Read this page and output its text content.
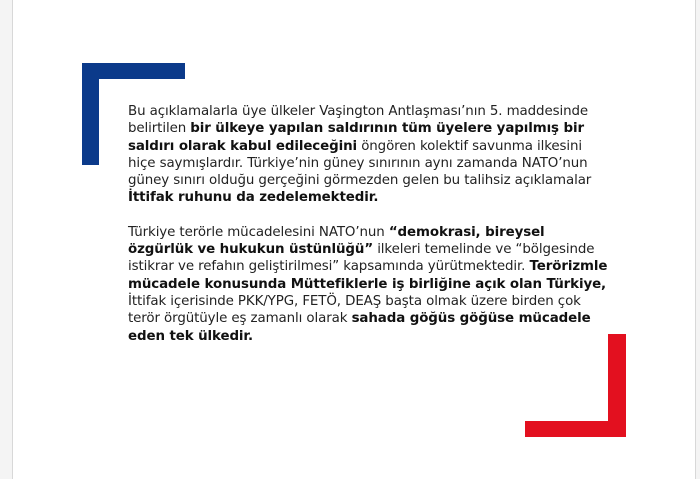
Bu açıklamalarla üye ülkeler Vaşington Antlaşması’nın 5. maddesinde belirtilen bir ülkeye yapılan saldırının tüm üyelere yapılmış bir saldırı olarak kabul edileceğini öngören kolektif savunma ilkesini hiçe saymışlardır. Türkiye’nin güney sınırının aynı zamanda NATO’nun güney sınırı olduğu gerçeğini görmezden gelen bu talihsiz açıklamalar İttifak ruhunu da zedelemektedir.

Türkiye terörle mücadelesini NATO’nun “demokrasi, bireysel özgürlük ve hukukun üstünlüğü” ilkeleri temelinde ve “bölgesinde istikrar ve refahın geliştirilmesi” kapsamında yürütmektedir. Terörizmle mücadele konusunda Müttefiklerle iş birliğine açık olan Türkiye, İttifak içerisinde PKK/YPG, FETÖ, DEAŞ başta olmak üzere birden çok terör örgütüyle eş zamanlı olarak sahada göğüs göğüse mücadele eden tek ülkedir.
